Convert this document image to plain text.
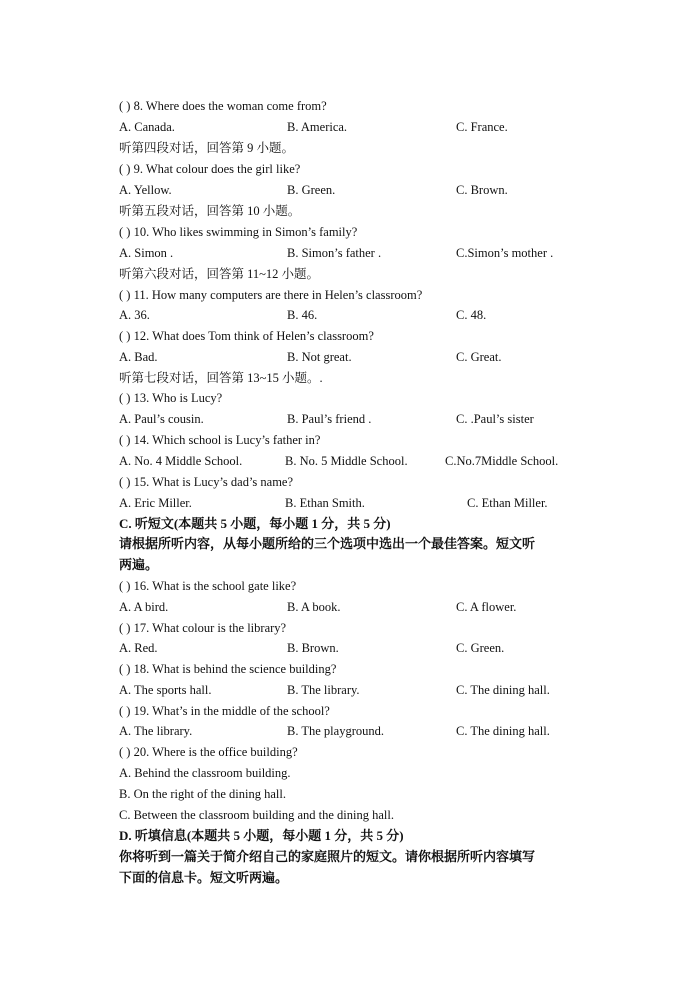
( ) 8. Where does the woman come from?
A. Canada.	B. America.	C. France.
听第四段对话，回答第 9 小题。
( ) 9. What colour does the girl like?
A. Yellow.	B. Green.	C. Brown.
听第五段对话，回答第 10 小题。
( ) 10. Who likes swimming in Simon’s family?
A. Simon .	B. Simon’s father .	C.Simon’s mother .
听第六段对话，回答第 11~12 小题。
( ) 11. How many computers are there in Helen’s classroom?
A. 36.	B. 46.	C. 48.
( ) 12. What does Tom think of Helen’s classroom?
A. Bad.	B. Not great.	C. Great.
听第七段对话，回答第 13~15 小题。.
( ) 13. Who is Lucy?
A. Paul’s cousin.	B. Paul’s friend .	C. .Paul’s sister
( ) 14. Which school is Lucy’s father in?
A. No. 4 Middle School.	B. No. 5 Middle School.	C.No.7Middle School.
( ) 15. What is Lucy’s dad’s name?
A. Eric Miller.	B. Ethan Smith.	C. Ethan Miller.
C. 听短文(本题共 5 小题，每小题 1 分，共 5 分)
请根据所听内容，从每小题所给的三个选项中选出一个最佳答案。短文听
两遍。
( ) 16. What is the school gate like?
A. A bird.	B. A book.	C. A flower.
( ) 17. What colour is the library?
A. Red.	B. Brown.	C. Green.
( ) 18. What is behind the science building?
A. The sports hall.	B. The library.	C. The dining hall.
( ) 19. What’s in the middle of the school?
A. The library.	B. The playground.	C. The dining hall.
( ) 20. Where is the office building?
A. Behind the classroom building.
B. On the right of the dining hall.
C. Between the classroom building and the dining hall.
D. 听填信息(本题共 5 小题，每小题 1 分，共 5 分)
你将听到一篇关于简介绍自己的家庭照片的短文。请你根据所听内容填写
下面的信息卡。短文听两遍。
